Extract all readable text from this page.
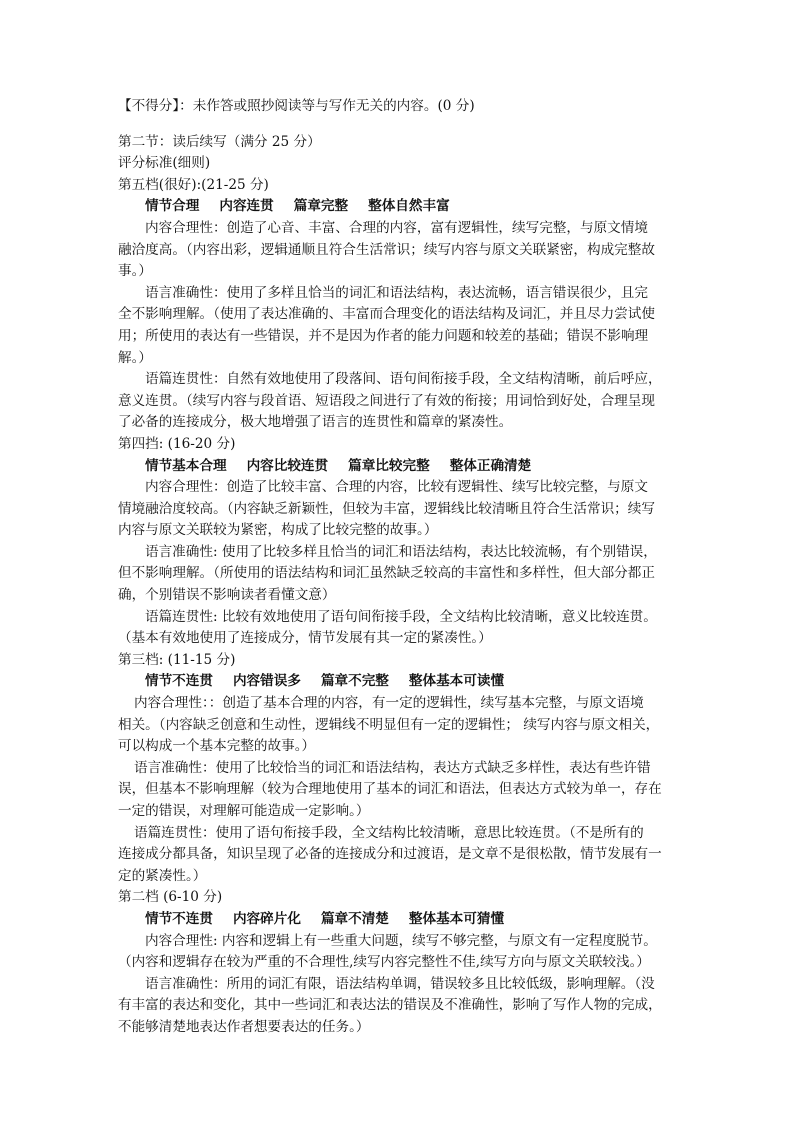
【不得分】：未作答或照抄阅读等与写作无关的内容。(0 分)
第二节：读后续写（满分 25 分）
评分标准(细则)
第五档(很好):(21-25 分)
情节合理 内容连贯 篇章完整 整体自然丰富
内容合理性：创造了心音、丰富、合理的内容，富有逻辑性，续写完整，与原文情境
融洽度高。（内容出彩，逻辑通顺且符合生活常识；续写内容与原文关联紧密，构成完整故
事。）
语言准确性：使用了多样且恰当的词汇和语法结构，表达流畅，语言错误很少，且完
全不影响理解。（使用了表达准确的、丰富而合理变化的语法结构及词汇，并且尽力尝试使
用；所使用的表达有一些错误，并不是因为作者的能力问题和较差的基础；错误不影响理
解。）
语篇连贯性：自然有效地使用了段落间、语句间衔接手段，全文结构清晰，前后呼应，
意义连贯。（续写内容与段首语、短语段之间进行了有效的衔接；用词恰到好处，合理呈现
了必备的连接成分，极大地增强了语言的连贯性和篇章的紧凑性。
第四挡: (16-20 分)
情节基本合理 内容比较连贯 篇章比较完整 整体正确清楚
内容合理性：创造了比较丰富、合理的内容，比较有逻辑性、续写比较完整，与原文
情境融洽度较高。（内容缺乏新颖性，但较为丰富，逻辑线比较清晰且符合生活常识；续写
内容与原文关联较为紧密，构成了比较完整的故事。）
语言准确性: 使用了比较多样且恰当的词汇和语法结构，表达比较流畅，有个别错误，
但不影响理解。（所使用的语法结构和词汇虽然缺乏较高的丰富性和多样性，但大部分都正
确，个别错误不影响读者看懂文意）
语篇连贯性: 比较有效地使用了语句间衔接手段，全文结构比较清晰，意义比较连贯。
（基本有效地使用了连接成分，情节发展有其一定的紧凑性。）
第三档: (11-15 分)
情节不连贯 内容错误多 篇章不完整 整体基本可读懂
内容合理性：：创造了基本合理的内容，有一定的逻辑性，续写基本完整，与原文语境
相关。（内容缺乏创意和生动性，逻辑线不明显但有一定的逻辑性； 续写内容与原文相关，
可以构成一个基本完整的故事。）
语言准确性：使用了比较恰当的词汇和语法结构，表达方式缺乏多样性，表达有些许错
误，但基本不影响理解（较为合理地使用了基本的词汇和语法，但表达方式较为单一，存在
一定的错误，对理解可能造成一定影响。）
语篇连贯性：使用了语句衔接手段，全文结构比较清晰，意思比较连贯。（不是所有的
连接成分都具备，知识呈现了必备的连接成分和过渡语，是文章不是很松散，情节发展有一
定的紧凑性。）
第二档 (6-10 分)
情节不连贯 内容碎片化 篇章不清楚 整体基本可猜懂
内容合理性: 内容和逻辑上有一些重大问题，续写不够完整，与原文有一定程度脱节。
（内容和逻辑存在较为严重的不合理性,续写内容完整性不佳,续写方向与原文关联较浅。）
语言准确性：所用的词汇有限，语法结构单调，错误较多且比较低级，影响理解。（没
有丰富的表达和变化，其中一些词汇和表达法的错误及不准确性，影响了写作人物的完成，
不能够清楚地表达作者想要表达的任务。）
